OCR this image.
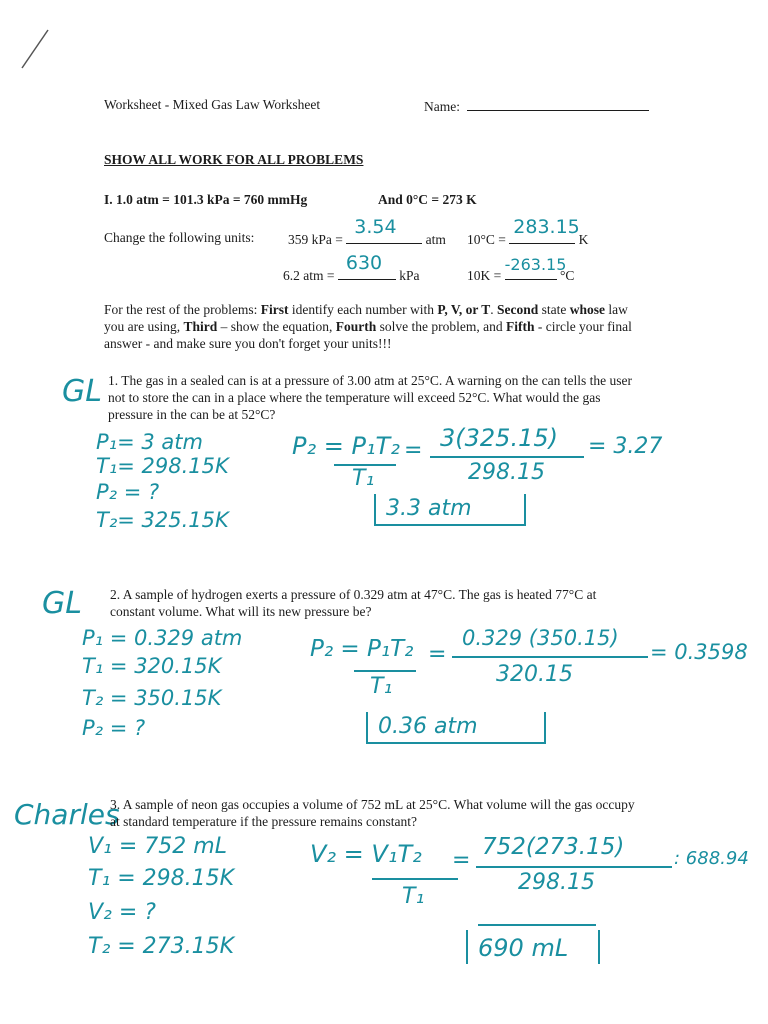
Worksheet - Mixed Gas Law Worksheet	Name:
SHOW ALL WORK FOR ALL PROBLEMS
I. 1.0 atm = 101.3 kPa = 760 mmHg	And 0°C = 273 K
Change the following units: 359 kPa =
3.54
atm 10°C =
283.15
K
6.2 atm =
630
kPa	10K =
-263.15
°C
For the rest of the problems: First identify each number with P, V, or T. Second state whose law you are using, Third – show the equation, Fourth solve the problem, and Fifth - circle your final answer - and make sure you don't forget your units!!!
GL 1. The gas in a sealed can is at a pressure of 3.00 atm at 25°C. A warning on the can tells the user not to store the can in a place where the temperature will exceed 52°C. What would the gas pressure in the can be at 52°C?
P₁= 3 atm
T₁= 298.15K
P₂ = ?
T₂= 325.15K
P₂ = P₁T₂
T₁
= 3(325.15)
298.15
= 3.27
3.3 atm
GL 2. A sample of hydrogen exerts a pressure of 0.329 atm at 47°C. The gas is heated 77°C at constant volume. What will its new pressure be?
P₁ = 0.329 atm
T₁ = 320.15K
T₂ = 350.15K
P₂ = ?
P₂ = P₁T₂
T₁
=
0.329 (350.15)
320.15
= 0.3598
0.36 atm
Charles
3. A sample of neon gas occupies a volume of 752 mL at 25°C. What volume will the gas occupy at standard temperature if the pressure remains constant?
V₁ = 752 mL
T₁ = 298.15K
V₂ = ?
T₂ = 273.15K
V₂ = V₁T₂
T₁
=
752(273.15)
298.15
: 688.94
690 mL
